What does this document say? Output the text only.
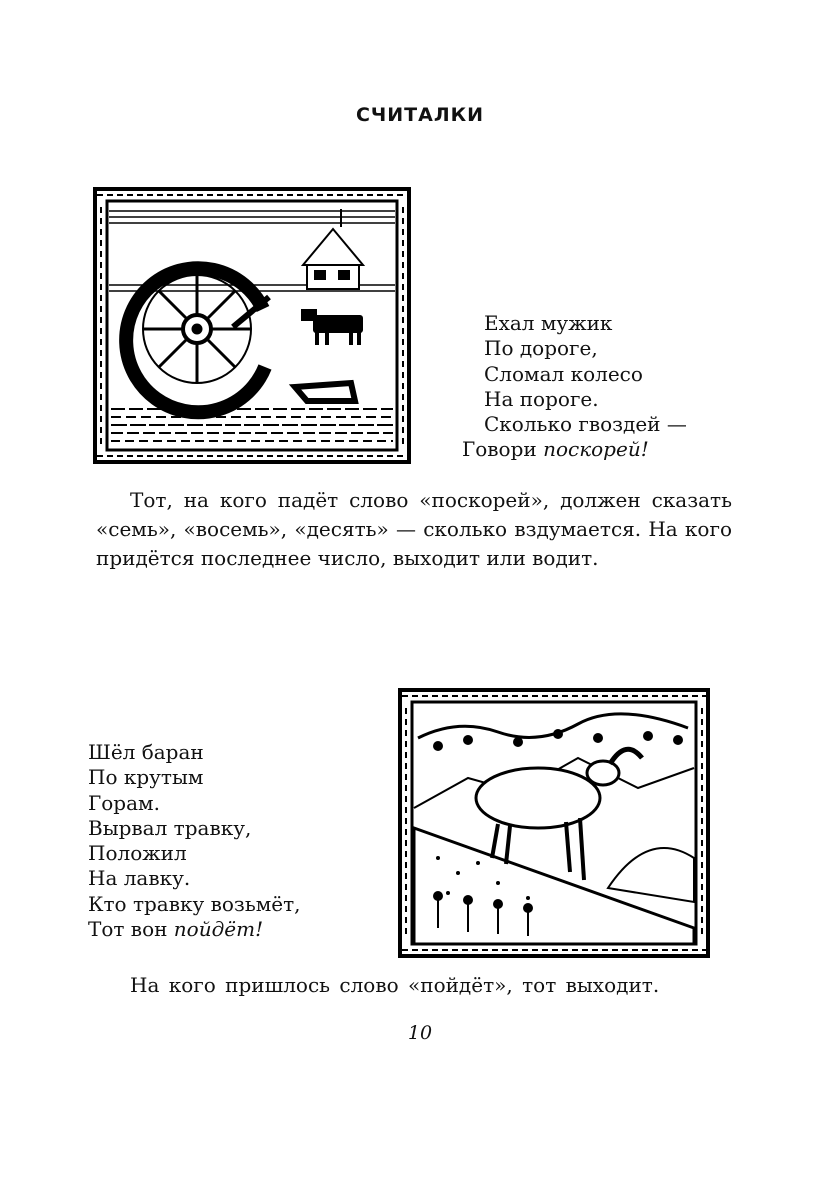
СЧИТАЛКИ
Ехал мужик
По дороге,
Сломал колесо
На пороге.
Сколько гвоздей —
Говори поскорей!

Тот, на кого падёт слово «поскорей», должен сказать «семь», «восемь», «десять» — сколько вздумается. На кого придётся последнее число, выходит или водит.

Шёл баран
По крутым
Горам.
Вырвал травку,
Положил
На лавку.
Кто травку возьмёт,
Тот вон пойдёт!
На кого пришлось слово «пойдёт», тот выходит.
10
